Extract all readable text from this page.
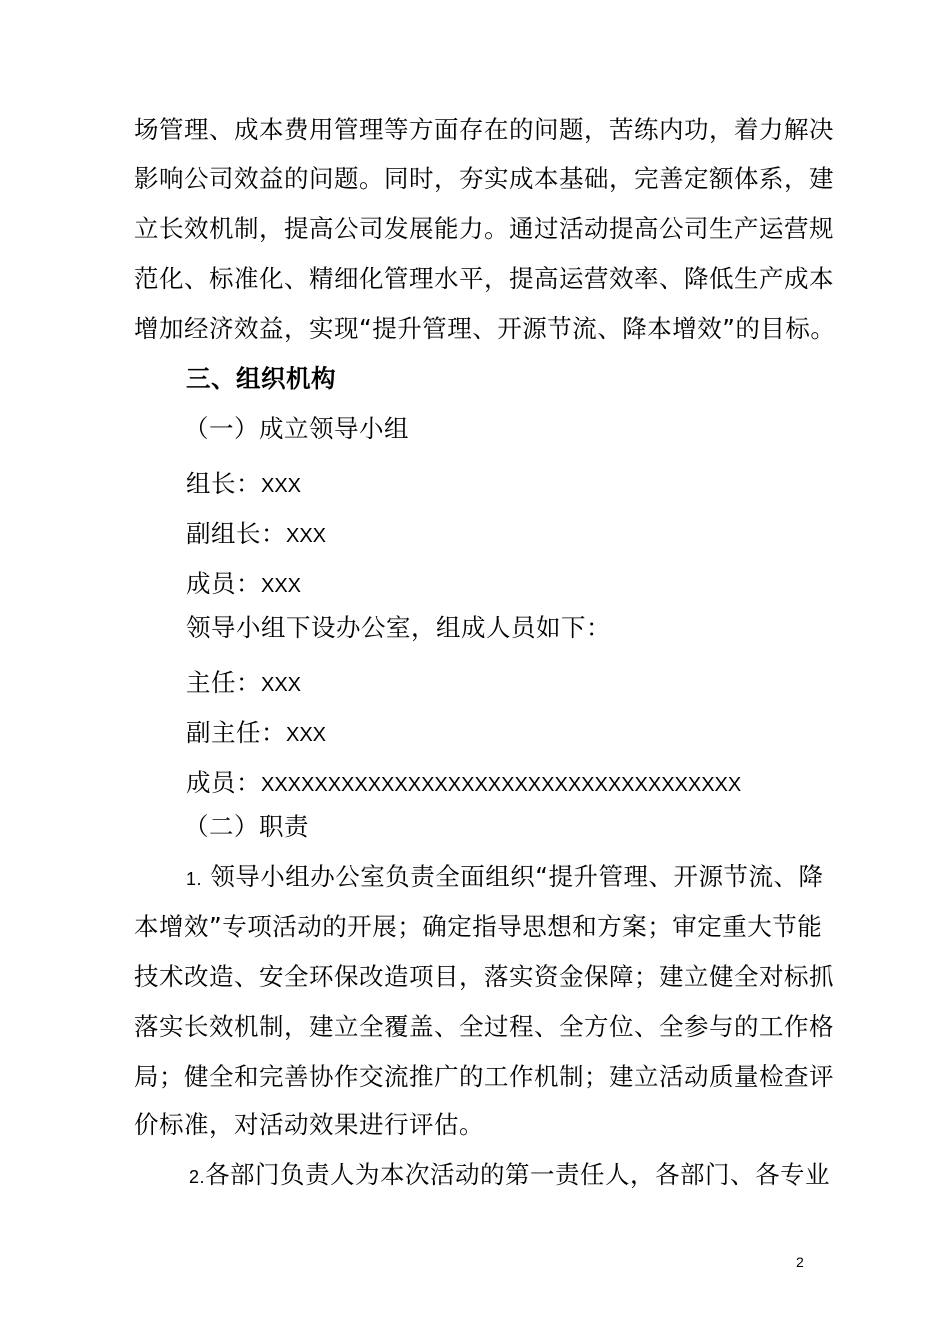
场管理、成本费用管理等方面存在的问题，苦练内功，着力解决
影响公司效益的问题。同时，夯实成本基础，完善定额体系，建
立长效机制，提高公司发展能力。通过活动提高公司生产运营规
范化、标准化、精细化管理水平，提高运营效率、降低生产成本
增加经济效益，实现“提升管理、开源节流、降本增效”的目标。
三、组织机构
（一）成立领导小组
组长：XXX
副组长：XXX
成员：XXX
领导小组下设办公室，组成人员如下：
主任：XXX
副主任：XXX
成员：XXXXXXXXXXXXXXXXXXXXXXXXXXXXXXXXXXXX
（二）职责
1. 领导小组办公室负责全面组织“提升管理、开源节流、降
本增效”专项活动的开展；确定指导思想和方案；审定重大节能
技术改造、安全环保改造项目，落实资金保障；建立健全对标抓
落实长效机制，建立全覆盖、全过程、全方位、全参与的工作格
局；健全和完善协作交流推广的工作机制；建立活动质量检查评
价标准，对活动效果进行评估。
2.各部门负责人为本次活动的第一责任人，各部门、各专业
2
